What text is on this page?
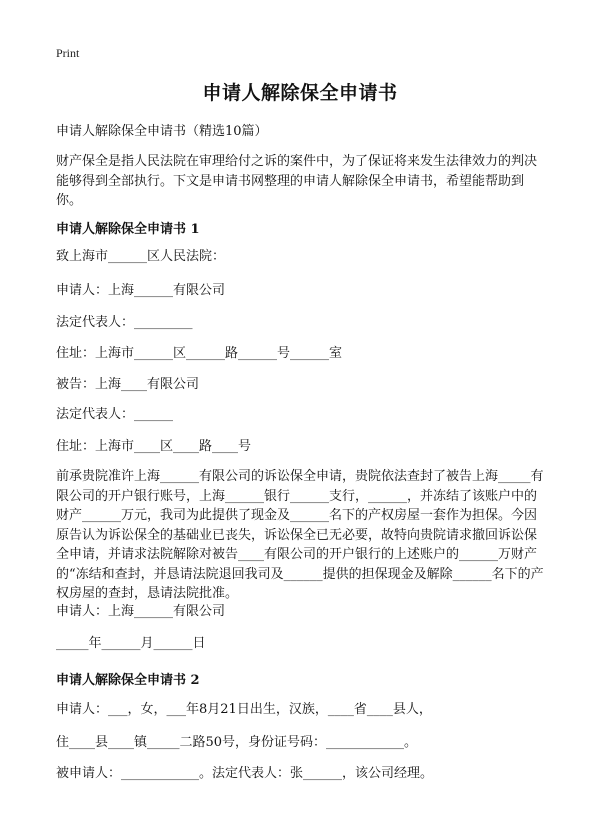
Print
申请人解除保全申请书
申请人解除保全申请书（精选10篇）
财产保全是指人民法院在审理给付之诉的案件中，为了保证将来发生法律效力的判决能够得到全部执行。下文是申请书网整理的申请人解除保全申请书，希望能帮助到你。
申请人解除保全申请书 1
致上海市______区人民法院：
申请人：上海______有限公司
法定代表人：_________
住址：上海市______区______路______号______室
被告：上海____有限公司
法定代表人：______
住址：上海市____区____路____号
前承贵院准许上海______有限公司的诉讼保全申请，贵院依法查封了被告上海_____有限公司的开户银行账号，上海______银行______支行，______，并冻结了该账户中的财产______万元，我司为此提供了现金及______名下的产权房屋一套作为担保。今因原告认为诉讼保全的基础业已丧失，诉讼保全已无必要，故特向贵院请求撤回诉讼保全申请，并请求法院解除对被告____有限公司的开户银行的上述账户的______万财产的“冻结和查封，并恳请法院退回我司及______提供的担保现金及解除______名下的产权房屋的查封，恳请法院批准。
申请人：上海______有限公司
_____年______月______日
申请人解除保全申请书 2
申请人：___，女，___年8月21日出生，汉族，____省____县人，
住____县____镇_____二路50号，身份证号码：____________。
被申请人：____________。法定代表人：张______，该公司经理。
